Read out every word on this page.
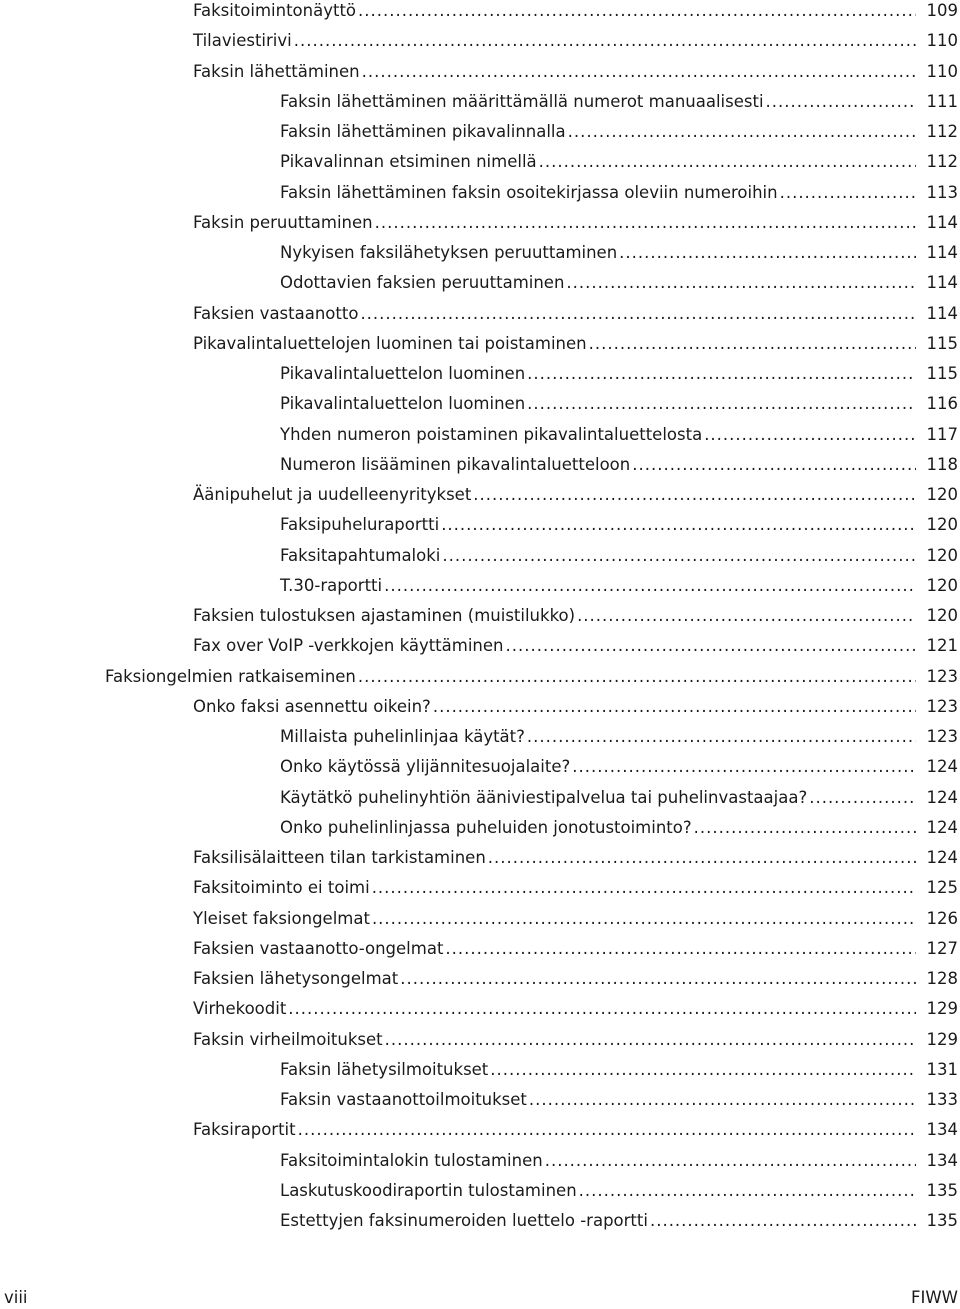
Faksitoimintonäyttö .....	109
Tilaviestirivi .....	110
Faksin lähettäminen .....	110
Faksin lähettäminen määrittämällä numerot manuaalisesti .....	111
Faksin lähettäminen pikavalinnalla .....	112
Pikavalinnan etsiminen nimellä .....	112
Faksin lähettäminen faksin osoitekirjassa oleviin numeroihin .....	113
Faksin peruuttaminen .....	114
Nykyisen faksilähetyksen peruuttaminen .....	114
Odottavien faksien peruuttaminen .....	114
Faksien vastaanotto .....	114
Pikavalintaluettelojen luominen tai poistaminen .....	115
Pikavalintaluettelon luominen .....	115
Pikavalintaluettelon luominen .....	116
Yhden numeron poistaminen pikavalintaluettelosta .....	117
Numeron lisääminen pikavalintaluetteloon .....	118
Äänipuhelut ja uudelleenyritykset .....	120
Faksipuheluraportti .....	120
Faksitapahtumaloki .....	120
T.30-raportti .....	120
Faksien tulostuksen ajastaminen (muistilukko) .....	120
Fax over VoIP -verkkojen käyttäminen .....	121
Faksiongelmien ratkaiseminen .....	123
Onko faksi asennettu oikein? .....	123
Millaista puhelinlinjaa käytät? .....	123
Onko käytössä ylijännitesuojalaite? .....	124
Käytätkö puhelinyhtiön ääniviestipalvelua tai puhelinvastaajaa? .....	124
Onko puhelinlinjassa puheluiden jonotustoiminto? .....	124
Faksilisälaitteen tilan tarkistaminen .....	124
Faksitoiminto ei toimi .....	125
Yleiset faksiongelmat .....	126
Faksien vastaanotto-ongelmat .....	127
Faksien lähetysongelmat .....	128
Virhekoodit .....	129
Faksin virheilmoitukset .....	129
Faksin lähetysilmoitukset .....	131
Faksin vastaanottoilmoitukset .....	133
Faksiraportit .....	134
Faksitoimintalokin tulostaminen .....	134
Laskutuskoodiraportin tulostaminen .....	135
Estettyjen faksinumeroiden luettelo -raportti .....	135
viii	FIWW
